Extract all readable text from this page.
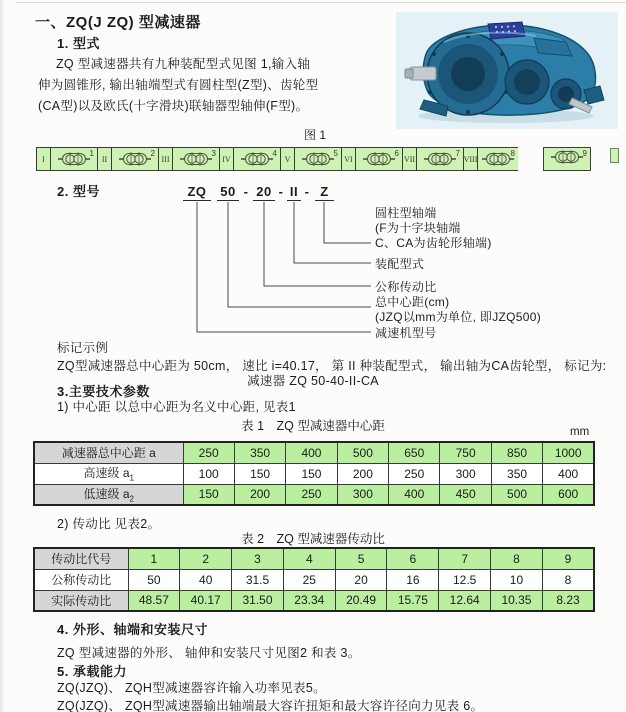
一、ZQ(J ZQ) 型减速器
1. 型式
ZQ 型减速器共有九种装配型式见图 1,输入轴
伸为圆锥形, 输出轴端型式有圆柱型(Z型)、齿轮型
(CA型)以及欧氏(十字滑块)联轴器型轴伸(F型)。
图 1
I
1
II
2
III
3
IV
4
V
5
VI
6
VII
7
VIII
8	9
2. 型号	ZQ	50 - 20 - II - Z
圆柱型轴端
(F为十字块轴端
C、CA为齿轮形轴端)
装配型式
公称传动比
总中心距(cm)
(JZQ以mm为单位, 即JZQ500)
减速机型号
标记示例
ZQ型减速器总中心距为 50cm， 速比 i=40.17， 第 II 种装配型式， 输出轴为CA齿轮型， 标记为:
减速器 ZQ 50-40-II-CA
3.主要技术参数
1) 中心距 以总中心距为名义中心距, 见表1
表 1　ZQ 型减速器中心距	mm
减速器总中心距 a	250	350	400	500	650	750	850	1000
高速级 $a_1$	100	150	150	200	250	300	350	400
低速级 $a_2$	150	200	250	300	400	450	500	600
2) 传动比 见表2。
表 2　ZQ 型减速器传动比
传动比代号	1	2	3	4	5	6	7	8	9
公称传动比	50	40	31.5	25	20	16	12.5	10	8
实际传动比	48.57	40.17	31.50	23.34	20.49	15.75	12.64	10.35	8.23
4. 外形、轴端和安装尺寸
ZQ 型减速器的外形、 轴伸和安装尺寸见图2 和表 3。
5. 承载能力
ZQ(JZQ)、 ZQH型减速器容许输入功率见表5。
ZQ(JZQ)、 ZQH型减速器输出轴端最大容许扭矩和最大容许径向力见表 6。
